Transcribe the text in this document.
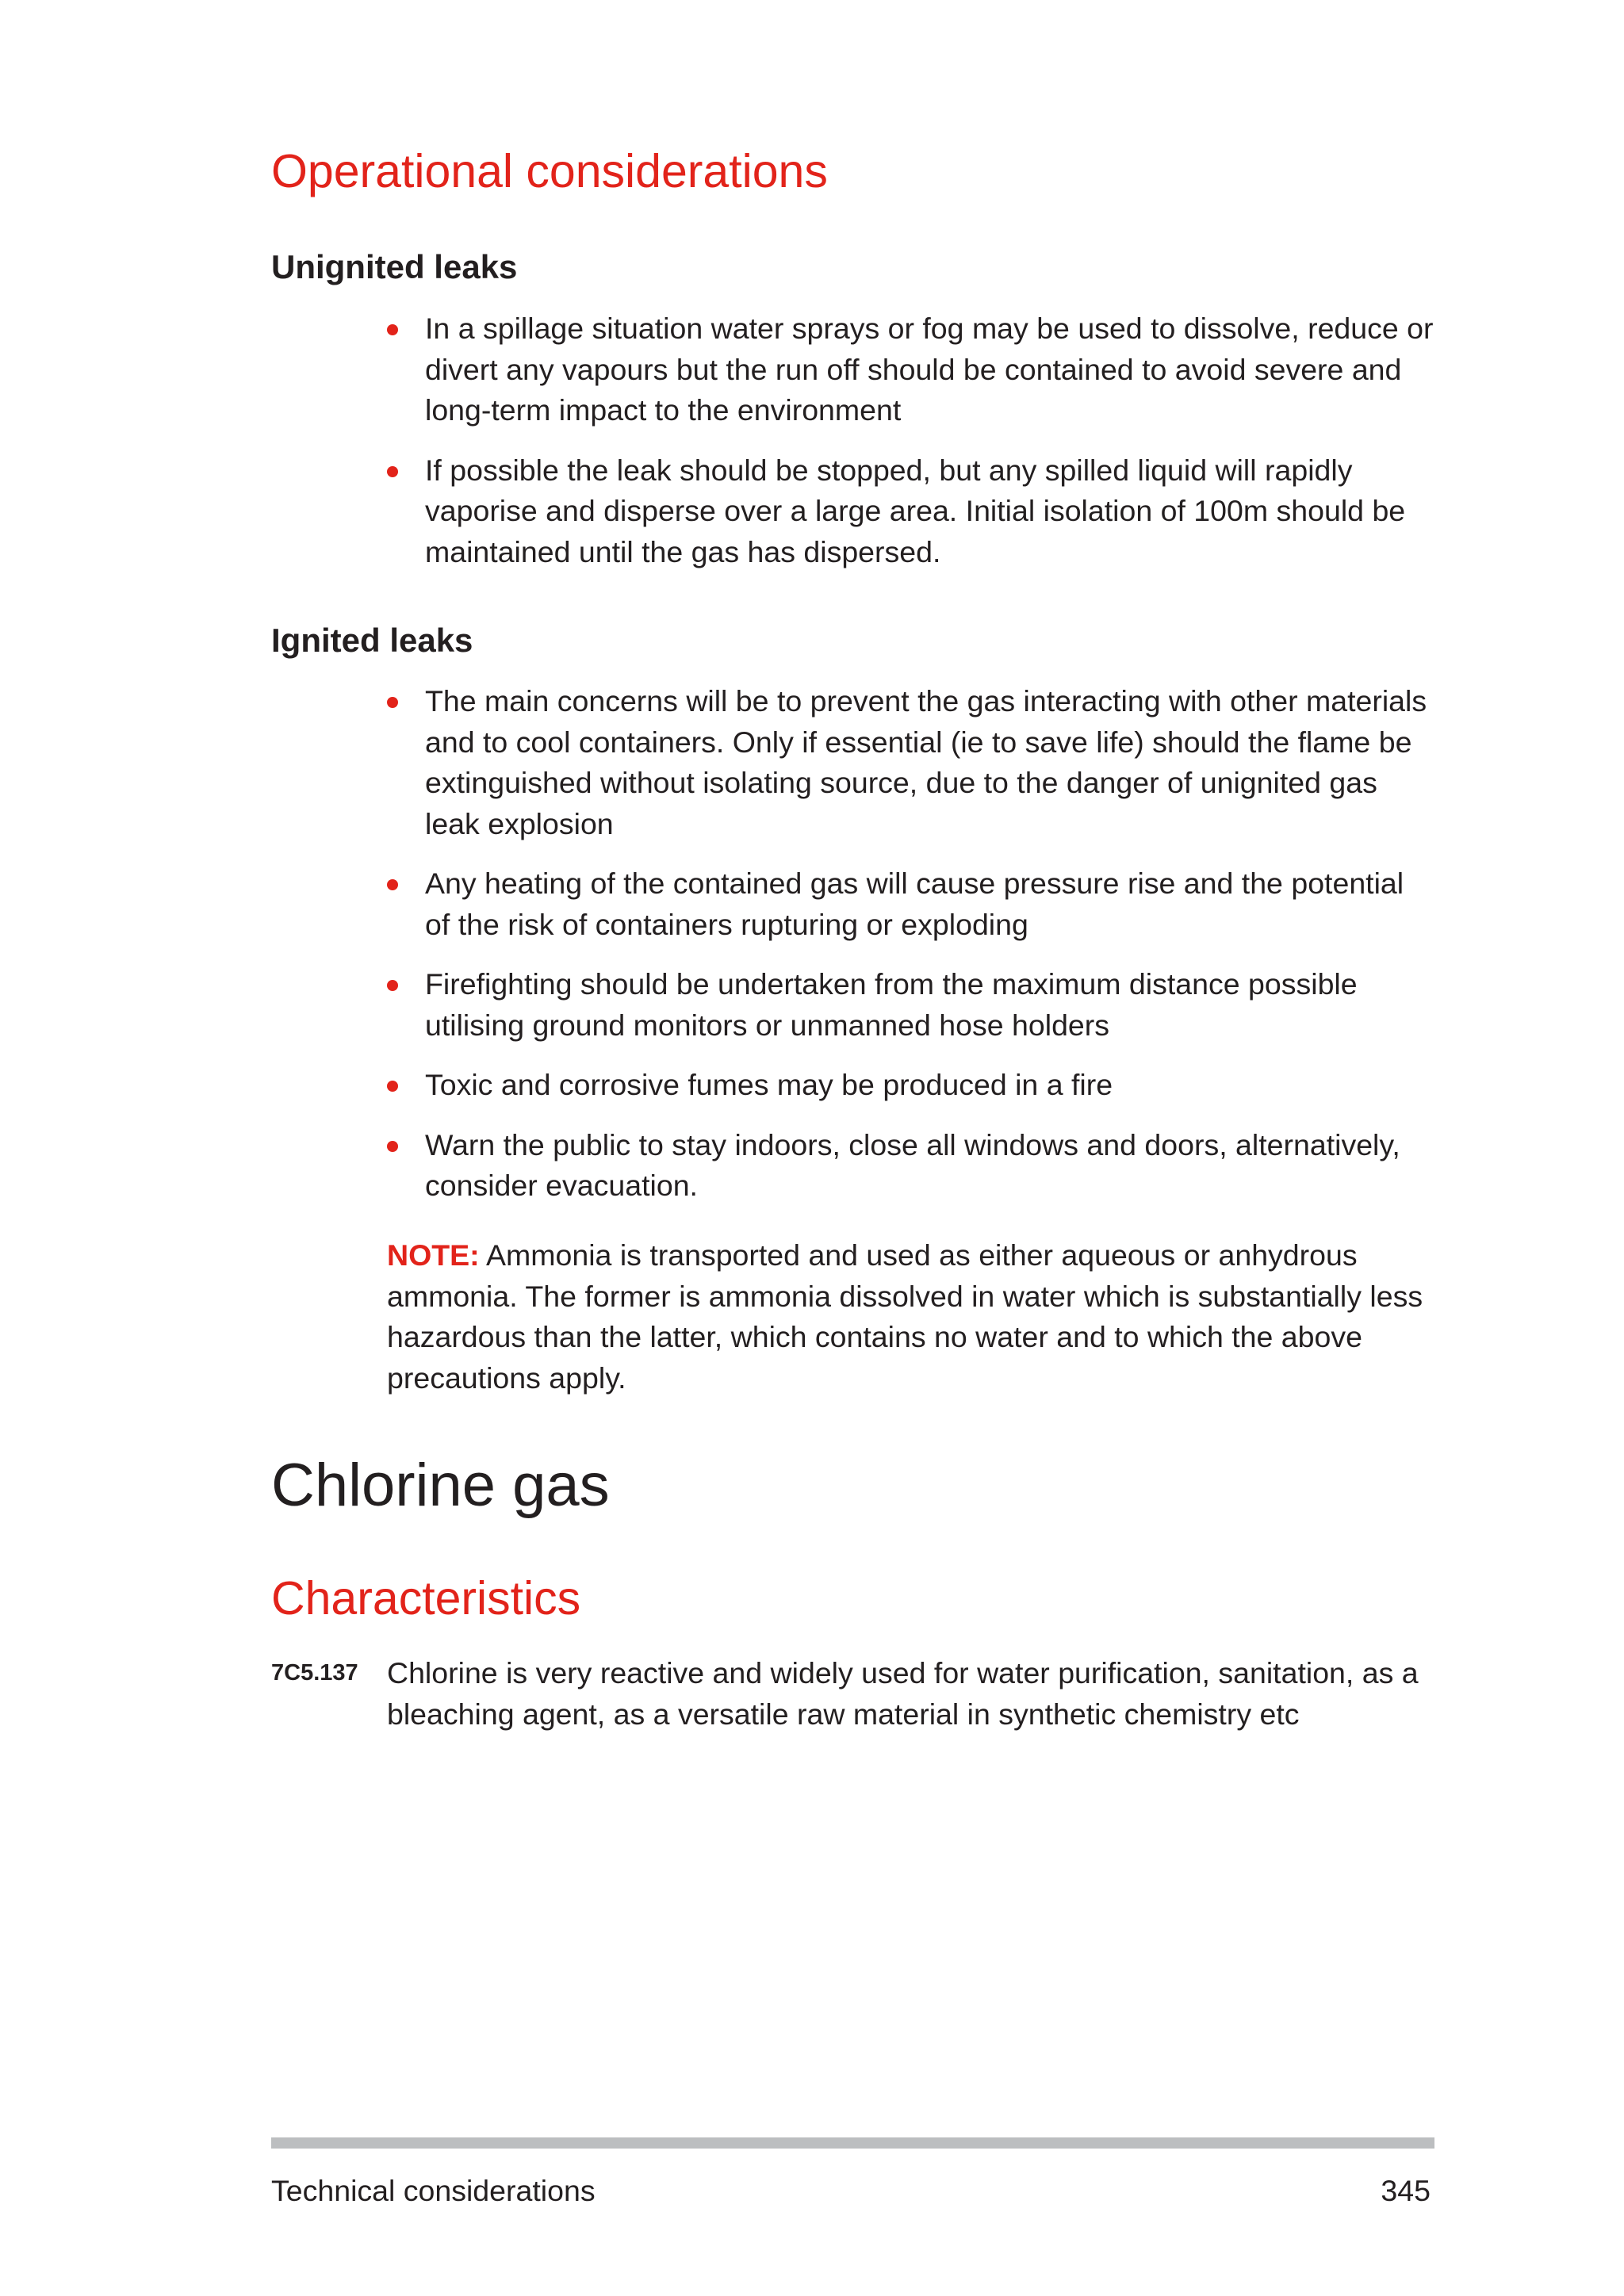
Operational considerations
Unignited leaks
In a spillage situation water sprays or fog may be used to dissolve, reduce or divert any vapours but the run off should be contained to avoid severe and long-term impact to the environment
If possible the leak should be stopped, but any spilled liquid will rapidly vaporise and disperse over a large area. Initial isolation of 100m should be maintained until the gas has dispersed.
Ignited leaks
The main concerns will be to prevent the gas interacting with other materials and to cool containers. Only if essential (ie to save life) should the flame be extinguished without isolating source, due to the danger of unignited gas leak explosion
Any heating of the contained gas will cause pressure rise and the potential of the risk of containers rupturing or exploding
Firefighting should be undertaken from the maximum distance possible utilising ground monitors or unmanned hose holders
Toxic and corrosive fumes may be produced in a fire
Warn the public to stay indoors, close all windows and doors, alternatively, consider evacuation.

NOTE: Ammonia is transported and used as either aqueous or anhydrous ammonia. The former is ammonia dissolved in water which is substantially less hazardous than the latter, which contains no water and to which the above precautions apply.

Chlorine gas
Characteristics
7C5.137 Chlorine is very reactive and widely used for water purification, sanitation, as a bleaching agent, as a versatile raw material in synthetic chemistry etc

Technical considerations	345
